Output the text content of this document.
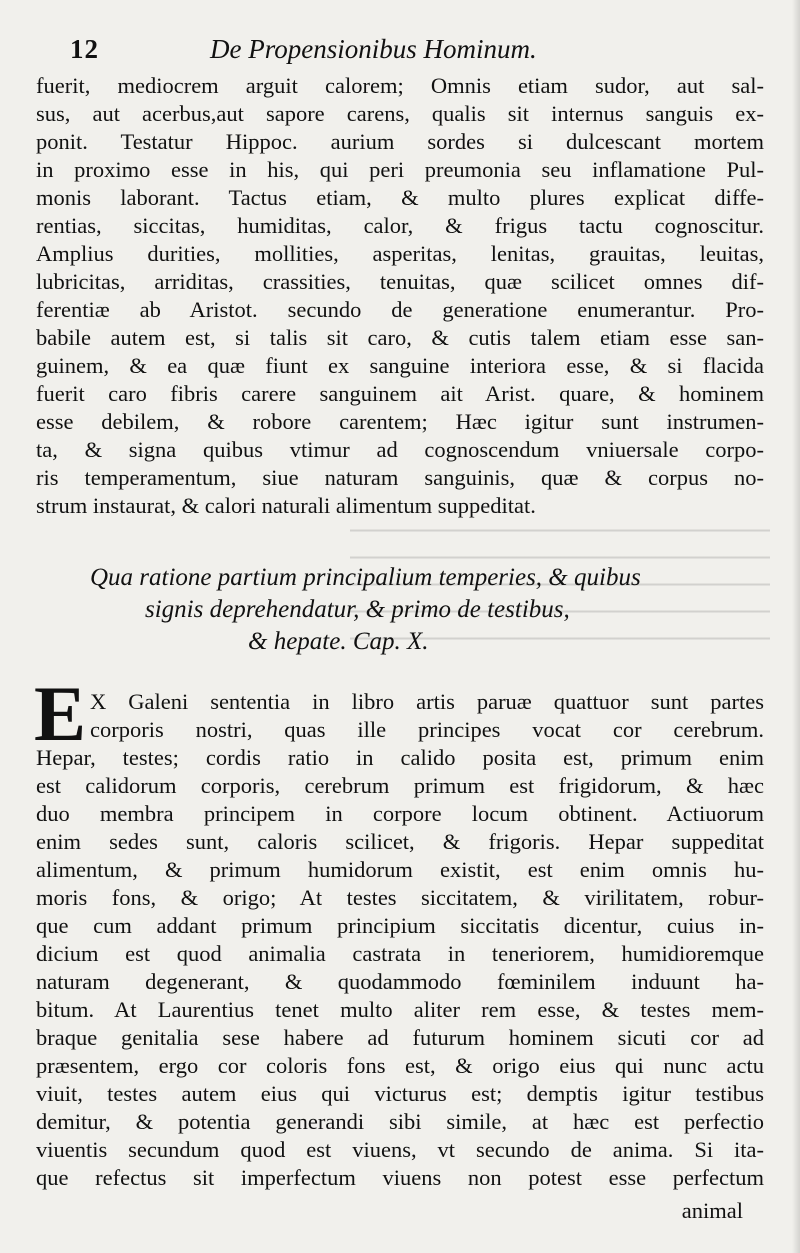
12	De Propensionibus Hominum.
fuerit, mediocrem arguit calorem; Omnis etiam sudor, aut sal-
sus, aut acerbus,aut sapore carens, qualis sit internus sanguis ex-
ponit. Testatur Hippoc. aurium sordes si dulcescant mortem
in proximo esse in his, qui peri preumonia seu inflamatione Pul-
monis laborant. Tactus etiam, & multo plures explicat diffe-
rentias, siccitas, humiditas, calor, & frigus tactu cognoscitur.
Amplius durities, mollities, asperitas, lenitas, grauitas, leuitas,
lubricitas, arriditas, crassities, tenuitas, quæ scilicet omnes dif-
ferentiæ ab Aristot. secundo de generatione enumerantur. Pro-
babile autem est, si talis sit caro, & cutis talem etiam esse san-
guinem, & ea quæ fiunt ex sanguine interiora esse, & si flacida
fuerit caro fibris carere sanguinem ait Arist. quare, & hominem
esse debilem, & robore carentem; Hæc igitur sunt instrumen-
ta, & signa quibus vtimur ad cognoscendum vniuersale corpo-
ris temperamentum, siue naturam sanguinis, quæ & corpus no-
strum instaurat, & calori naturali alimentum suppeditat.
Qua ratione partium principalium temperies, & quibus
signis deprehendatur, & primo de testibus,
& hepate. Cap. X.
E X Galeni sententia in libro artis paruæ quattuor sunt partes
corporis nostri, quas ille principes vocat cor cerebrum.
Hepar, testes; cordis ratio in calido posita est, primum enim
est calidorum corporis, cerebrum primum est frigidorum, & hæc
duo membra principem in corpore locum obtinent. Actiuorum
enim sedes sunt, caloris scilicet, & frigoris. Hepar suppeditat
alimentum, & primum humidorum existit, est enim omnis hu-
moris fons, & origo; At testes siccitatem, & virilitatem, robur-
que cum addant primum principium siccitatis dicentur, cuius in-
dicium est quod animalia castrata in teneriorem, humidioremque
naturam degenerant, & quodammodo fœminilem induunt ha-
bitum. At Laurentius tenet multo aliter rem esse, & testes mem-
braque genitalia sese habere ad futurum hominem sicuti cor ad
præsentem, ergo cor coloris fons est, & origo eius qui nunc actu
viuit, testes autem eius qui victurus est; demptis igitur testibus
demitur, & potentia generandi sibi simile, at hæc est perfectio
viuentis secundum quod est viuens, vt secundo de anima. Si ita-
que refectus sit imperfectum viuens non potest esse perfectum
animal
